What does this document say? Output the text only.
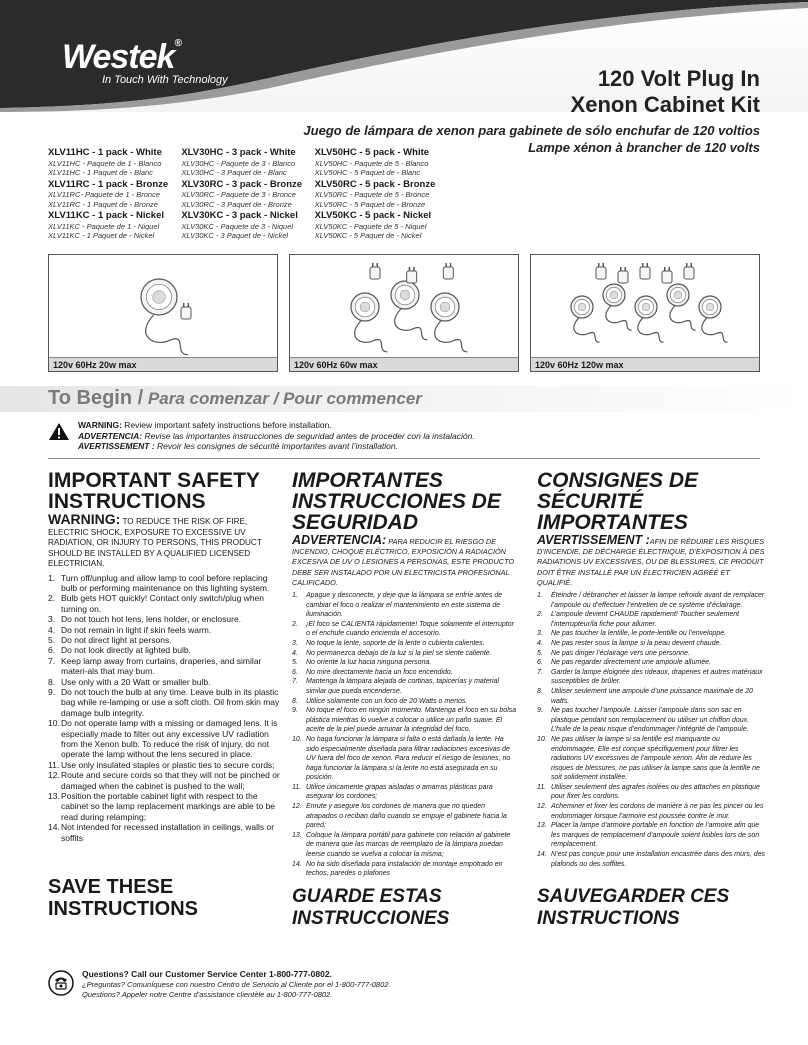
Westek®
In Touch With Technology	120 Volt Plug In
Xenon Cabinet Kit
Juego de lámpara de xenon para gabinete de sólo enchufar de 120 voltios
Lampe xénon à brancher de 120 volts
XLV11HC - 1 pack - White
XLV11HC - Paquete de 1 - Blanco
XLV11HC - 1 Paquet de - Blanc
XLV11RC - 1 pack - Bronze
XLV11RC- Paquete de 1 - Bronce
XLV11RC - 1 Paquet de - Bronze
XLV11KC - 1 pack - Nickel
XLV11KC - Paquete de 1 - Niquel
XLV11KC - 1 Paquet de - Nickel
XLV30HC - 3 pack - White
XLV30HC - Paquete de 3 - Blanco
XLV30HC - 3 Paquet de - Blanc
XLV30RC - 3 pack - Bronze
XLV30RC - Paquete de 3 - Bronce
XLV30RC - 3 Paquet de - Bronze
XLV30KC - 3 pack - Nickel
XLV30KC - Paquete de 3 - Niquel
XLV30KC - 3 Paquet de - Nickel
XLV50HC - 5 pack - White
XLV50HC - Paquete de 5 - Blanco
XLV50HC - 5 Paquet de - Blanc
XLV50RC - 5 pack - Bronze
XLV50RC - Paquete de 5 - Bronce
XLV50RC - 5 Paquet de - Bronze
XLV50KC - 5 pack - Nickel
XLV50KC - Paquete de 5 - Niquel
XLV50KC - 5 Paquet de - Nickel
120v 60Hz 20w max	120v 60Hz 60w max	120v 60Hz 120w max
To Begin / Para comenzar / Pour commencer
WARNING: Review important safety instructions before installation.
ADVERTENCIA: Revise las importantes instrucciones de seguridad antes de proceder con la instalación.
AVERTISSEMENT : Revoir les consignes de sécurité importantes avant l’installation.
IMPORTANT SAFETY INSTRUCTIONS
WARNING: TO REDUCE THE RISK OF FIRE, ELECTRIC SHOCK, EXPOSURE TO EXCESSIVE UV RADIATION, OR INJURY TO PERSONS, THIS PRODUCT SHOULD BE INSTALLED BY A QUALIFIED LICENSED ELECTRICIAN.
1. Turn off/unplug and allow lamp to cool before replacing bulb or performing maintenance on this lighting system.
2. Bulb gets HOT quickly! Contact only switch/plug when turning on.
3. Do not touch hot lens, lens holder, or enclosure.
4. Do not remain in light if skin feels warm.
5. Do not direct light at persons.
6. Do not look directly at lighted bulb.
7. Keep lamp away from curtains, draperies, and similar materi-als that may burn.
8. Use only with a 20 Watt or smaller bulb.
9. Do not touch the bulb at any time. Leave bulb in its plastic bag while re-lamping or use a soft cloth. Oil from skin may damage bulb integrity.
10. Do not operate lamp with a missing or damaged lens. It is especially made to filter out any excessive UV radiation from the Xenon bulb. To reduce the risk of injury, do not operate the lamp without the lens secured in place.
11. Use only insulated staples or plastic ties to secure cords;
12. Route and secure cords so that they will not be pinched or damaged when the cabinet is pushed to the wall;
13. Position the portable cabinet light with respect to the cabinet so the lamp replacement markings are able to be read during relamping;
14. Not intended for recessed installation in ceilings, walls or soffits
IMPORTANTES INSTRUCCIONES DE SEGURIDAD
ADVERTENCIA: PARA REDUCIR EL RIESGO DE INCENDIO, CHOQUE ELÉCTRICO, EXPOSICIÓN A RADIACIÓN EXCESIVA DE UV O LESIONES A PERSONAS, ESTE PRODUCTO DEBE SER INSTALADO POR UN ELECTRICISTA PROFESIONAL CALIFICADO.
1.	Apague y desconecte, y deje que la lámpara se enfríe antes de cambiar el foco o realizar el mantenimiento en este sistema de iluminación.
2.	¡El foco se CALIENTA rápidamente! Toque solamente el interruptor o el enchufe cuando encienda el accesorio.
3.	No toque la lente, soporte de la lente o cubierta calientes.
4.	No permanezca debajo de la luz si la piel se siente caliente.
5.	No oriente la luz hacia ninguna persona.
6.	No mire directamente hacia un foco encendido.
7.	Mantenga la lámpara alejada de cortinas, tapicerías y material similar que pueda encenderse.
8.	Utilice solamente con un foco de 20 Watts o menos.
9.	No toque el foco en ningún momento. Mantenga el foco en su bolsa plástica mientras lo vuelve a colocar o utilice un paño suave. El aceite de la piel puede arruinar la integridad del foco.
10. No haga funcionar la lámpara si falta o está dañada la lente. Ha sido especialmente diseñada para filtrar radiaciones excesivas de UV fuera del foco de xenon. Para reducir el riesgo de lesiones, no haga funcionar la lámpara si la lente no está asegurada en su posición.
11. Utilice únicamente grapas aisladas o amarras plásticas para asegurar los cordones;
12. Enrute y asegure los cordones de manera que no queden atrapados o reciban daño cuando se empuje el gabinete hacia la pared;
13. Coloque la lámpara portátil para gabinete con relación al gabinete de manera que las marcas de reemplazo de la lámpara puedan leerse cuando se vuelva a colocar la misma;
14. No ha sido diseñada para instalación de montaje empotrado en techos, paredes o plafones
CONSIGNES DE SÉCURITÉ IMPORTANTES
AVERTISSEMENT :AFIN DE RÉDUIRE LES RISQUES D’INCENDIE, DE DÉCHARGE ÉLECTRIQUE, D’EXPOSITION À DES RADIATIONS UV EXCESSIVES, OU DE BLESSURES, CE PRODUIT DOIT ÊTRE INSTALLÉ PAR UN ÉLECTRICIEN AGRÉÉ ET QUALIFIÉ.
1.	Éteindre / débrancher et laisser la lampe refroidir avant de remplacer l’ampoule ou d’effectuer l’entretien de ce système d’éclairage.
2.	L’ampoule devient CHAUDE rapidement! Toucher seulement l’interrupteur/la fiche pour allumer.
3.	Ne pas toucher la lentille, le porte-lentille ou l’enveloppe.
4.	Ne pas rester sous la lampe si la peau devient chaude.
5.	Ne pas diriger l’éclairage vers une personne.
6.	Ne pas regarder directement une ampoule allumée.
7.	Garder la lampe éloignée des rideaux, draperies et autres matériaux susceptibles de brûler.
8.	Utiliser seulement une ampoule d’une puissance maximale de 20 watts.
9.	Ne pas toucher l’ampoule. Laisser l’ampoule dans son sac en plastique pendant son remplacement ou utiliser un chiffon doux. L’huile de la peau risque d’endommager l’intégrité de l’ampoule.
10. Ne pas utiliser la lampe si sa lentille est manquante ou endommagée. Elle est conçue spécifiquement pour filtrer les radiations UV excessives de l’ampoule xénon. Afin de réduire les risques de blessures, ne pas utiliser la lampe sans que la lentille ne soit solidement installée.
11. Utiliser seulement des agrafes isolées ou des attaches en plastique pour fixer les cordons.
12. Acheminer et fixer les cordons de manière à ne pas les pincer ou les endommager lorsque l’armoire est poussée contre le mur.
13. Placer la lampe d’armoire portable en fonction de l’armoire afin que les marques de remplacement d’ampoule soient lisibles lors de son remplacement.
14. N’est pas conçue pour une installation encastrée dans des murs, des plafonds ou des soffites.
SAVE THESE INSTRUCTIONS
GUARDE ESTAS INSTRUCCIONES
SAUVEGARDER CES INSTRUCTIONS
Questions? Call our Customer Service Center 1-800-777-0802.
¿Preguntas? Comuníquese con nuestro Centro de Servicio al Cliente por el 1-800-777-0802.
Questions? Appeler notre Centre d’assistance clientèle au 1-800-777-0802.
